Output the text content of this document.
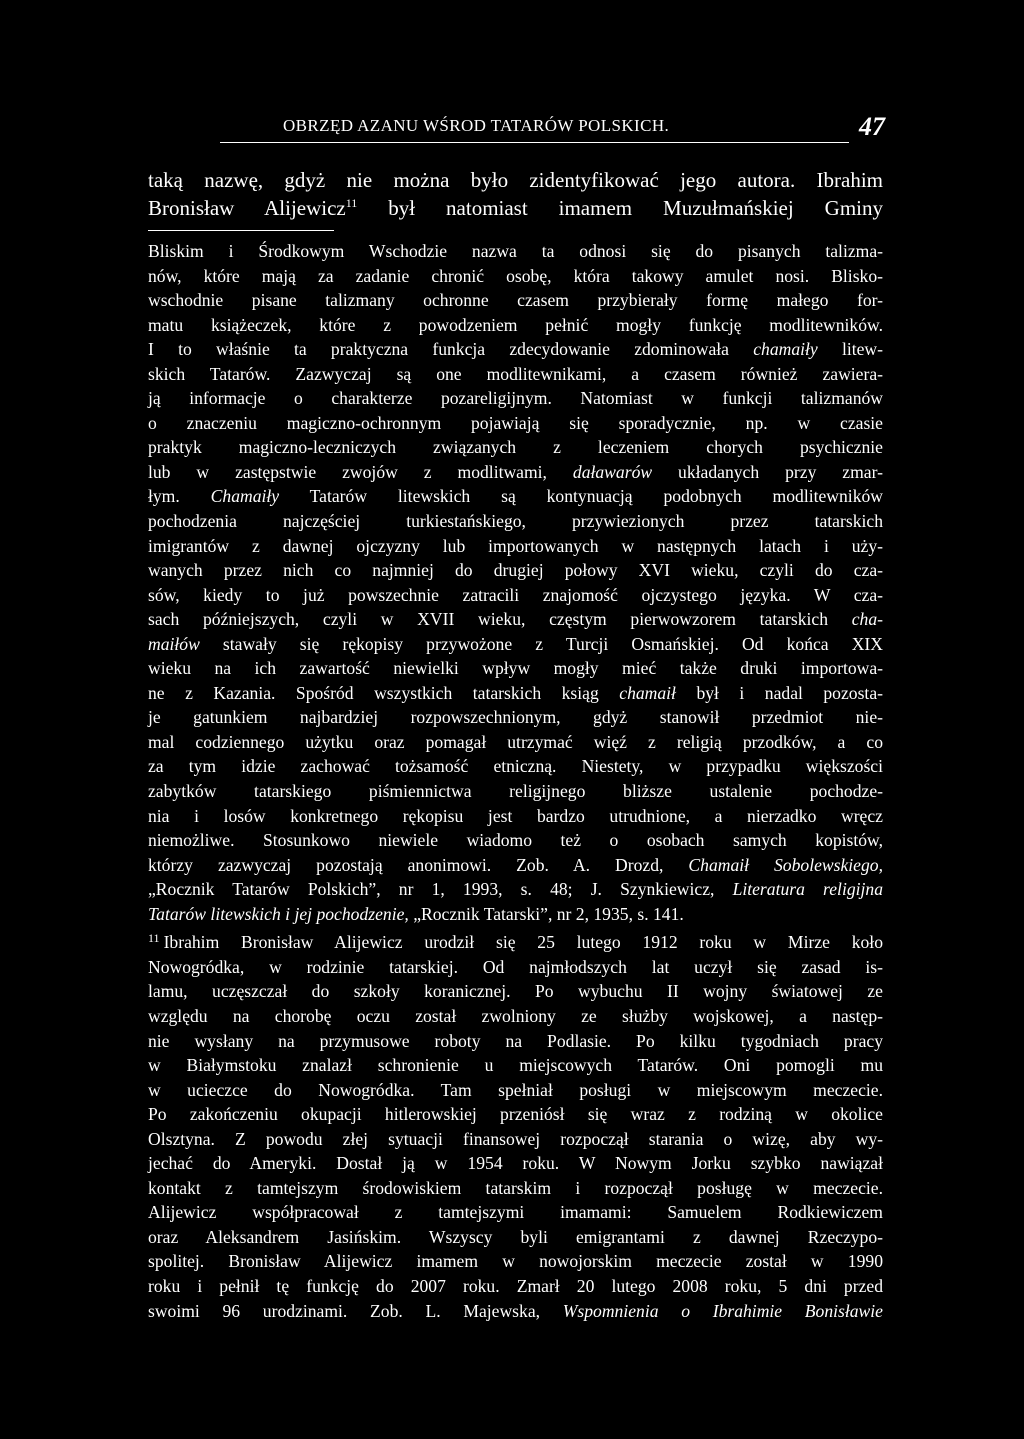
OBRZĘD AZANU WŚROD TATARÓW POLSKICH.	47
taką nazwę, gdyż nie można było zidentyfikować jego autora. Ibrahim
Bronisław Alijewicz$^{11}$ był natomiast imamem Muzułmańskiej Gminy
Bliskim i Środkowym Wschodzie nazwa ta odnosi się do pisanych talizma-
nów, które mają za zadanie chronić osobę, która takowy amulet nosi. Blisko-
wschodnie pisane talizmany ochronne czasem przybierały formę małego for-
matu książeczek, które z powodzeniem pełnić mogły funkcję modlitewników.
I to właśnie ta praktyczna funkcja zdecydowanie zdominowała chamaiły litew-
skich Tatarów. Zazwyczaj są one modlitewnikami, a czasem również zawiera-
ją informacje o charakterze pozareligijnym. Natomiast w funkcji talizmanów
o znaczeniu magiczno-ochronnym pojawiają się sporadycznie, np. w czasie
praktyk magiczno-leczniczych związanych z leczeniem chorych psychicznie
lub w zastępstwie zwojów z modlitwami, daławarów układanych przy zmar-
łym. Chamaiły Tatarów litewskich są kontynuacją podobnych modlitewników
pochodzenia najczęściej turkiestańskiego, przywiezionych przez tatarskich
imigrantów z dawnej ojczyzny lub importowanych w następnych latach i uży-
wanych przez nich co najmniej do drugiej połowy XVI wieku, czyli do cza-
sów, kiedy to już powszechnie zatracili znajomość ojczystego języka. W cza-
sach późniejszych, czyli w XVII wieku, częstym pierwowzorem tatarskich cha-
maiłów stawały się rękopisy przywożone z Turcji Osmańskiej. Od końca XIX
wieku na ich zawartość niewielki wpływ mogły mieć także druki importowa-
ne z Kazania. Spośród wszystkich tatarskich ksiąg chamaił był i nadal pozosta-
je gatunkiem najbardziej rozpowszechnionym, gdyż stanowił przedmiot nie-
mal codziennego użytku oraz pomagał utrzymać więź z religią przodków, a co
za tym idzie zachować tożsamość etniczną. Niestety, w przypadku większości
zabytków tatarskiego piśmiennictwa religijnego bliższe ustalenie pochodze-
nia i losów konkretnego rękopisu jest bardzo utrudnione, a nierzadko wręcz
niemożliwe. Stosunkowo niewiele wiadomo też o osobach samych kopistów,
którzy zazwyczaj pozostają anonimowi. Zob. A. Drozd, Chamaił Sobolewskiego,
„Rocznik Tatarów Polskich”, nr 1, 1993, s. 48; J. Szynkiewicz, Literatura religijna
Tatarów litewskich i jej pochodzenie, „Rocznik Tatarski”, nr 2, 1935, s. 141.
$^{11}$ Ibrahim Bronisław Alijewicz urodził się 25 lutego 1912 roku w Mirze koło
Nowogródka, w rodzinie tatarskiej. Od najmłodszych lat uczył się zasad is-
lamu, uczęszczał do szkoły koranicznej. Po wybuchu II wojny światowej ze
względu na chorobę oczu został zwolniony ze służby wojskowej, a następ-
nie wysłany na przymusowe roboty na Podlasie. Po kilku tygodniach pracy
w Białymstoku znalazł schronienie u miejscowych Tatarów. Oni pomogli mu
w ucieczce do Nowogródka. Tam spełniał posługi w miejscowym meczecie.
Po zakończeniu okupacji hitlerowskiej przeniósł się wraz z rodziną w okolice
Olsztyna. Z powodu złej sytuacji finansowej rozpoczął starania o wizę, aby wy-
jechać do Ameryki. Dostał ją w 1954 roku. W Nowym Jorku szybko nawiązał
kontakt z tamtejszym środowiskiem tatarskim i rozpoczął posługę w meczecie.
Alijewicz współpracował z tamtejszymi imamami: Samuelem Rodkiewiczem
oraz Aleksandrem Jasińskim. Wszyscy byli emigrantami z dawnej Rzeczypo-
spolitej. Bronisław Alijewicz imamem w nowojorskim meczecie został w 1990
roku i pełnił tę funkcję do 2007 roku. Zmarł 20 lutego 2008 roku, 5 dni przed
swoimi 96 urodzinami. Zob. L. Majewska, Wspomnienia o Ibrahimie Bonisławie
